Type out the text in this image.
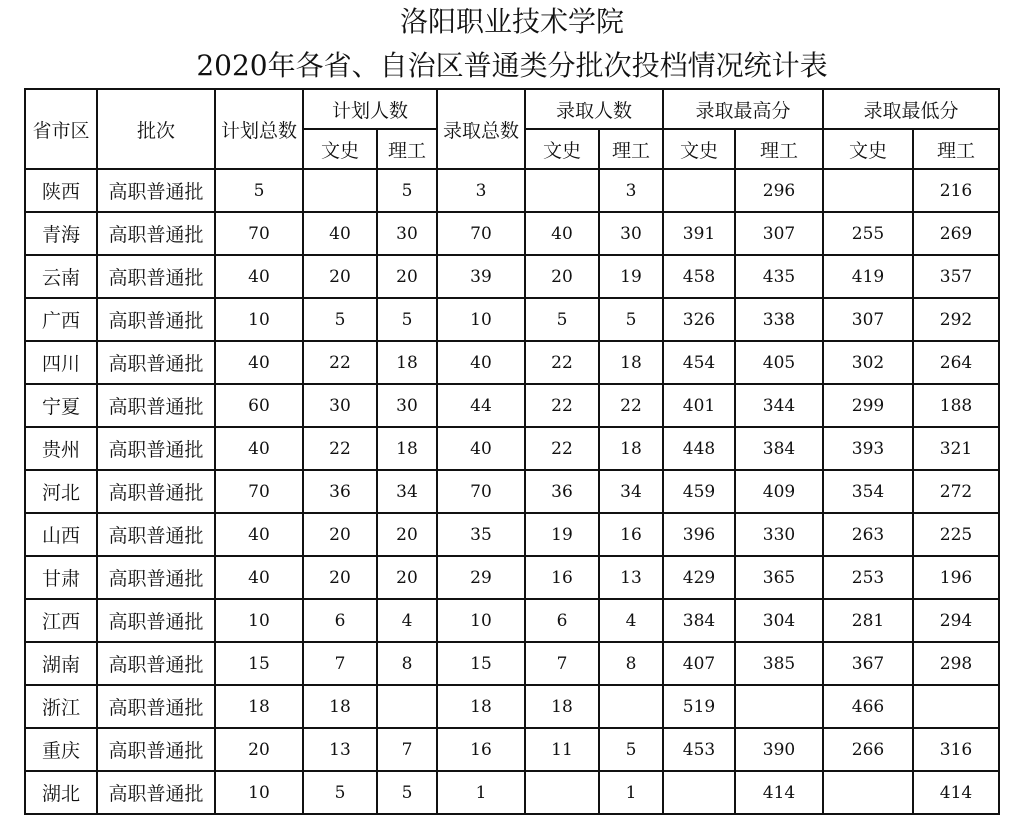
洛阳职业技术学院
2020年各省、自治区普通类分批次投档情况统计表
省市区	批次	计划总数	计划人数		录取总数	录取人数		录取最高分		录取最低分	
			文史	理工		文史	理工	文史	理工	文史	理工
陕西	高职普通批	5		5	3		3		296		216
青海	高职普通批	70	40	30	70	40	30	391	307	255	269
云南	高职普通批	40	20	20	39	20	19	458	435	419	357
广西	高职普通批	10	5	5	10	5	5	326	338	307	292
四川	高职普通批	40	22	18	40	22	18	454	405	302	264
宁夏	高职普通批	60	30	30	44	22	22	401	344	299	188
贵州	高职普通批	40	22	18	40	22	18	448	384	393	321
河北	高职普通批	70	36	34	70	36	34	459	409	354	272
山西	高职普通批	40	20	20	35	19	16	396	330	263	225
甘肃	高职普通批	40	20	20	29	16	13	429	365	253	196
江西	高职普通批	10	6	4	10	6	4	384	304	281	294
湖南	高职普通批	15	7	8	15	7	8	407	385	367	298
浙江	高职普通批	18	18		18	18		519		466	
重庆	高职普通批	20	13	7	16	11	5	453	390	266	316
湖北	高职普通批	10	5	5	1		1		414		414
